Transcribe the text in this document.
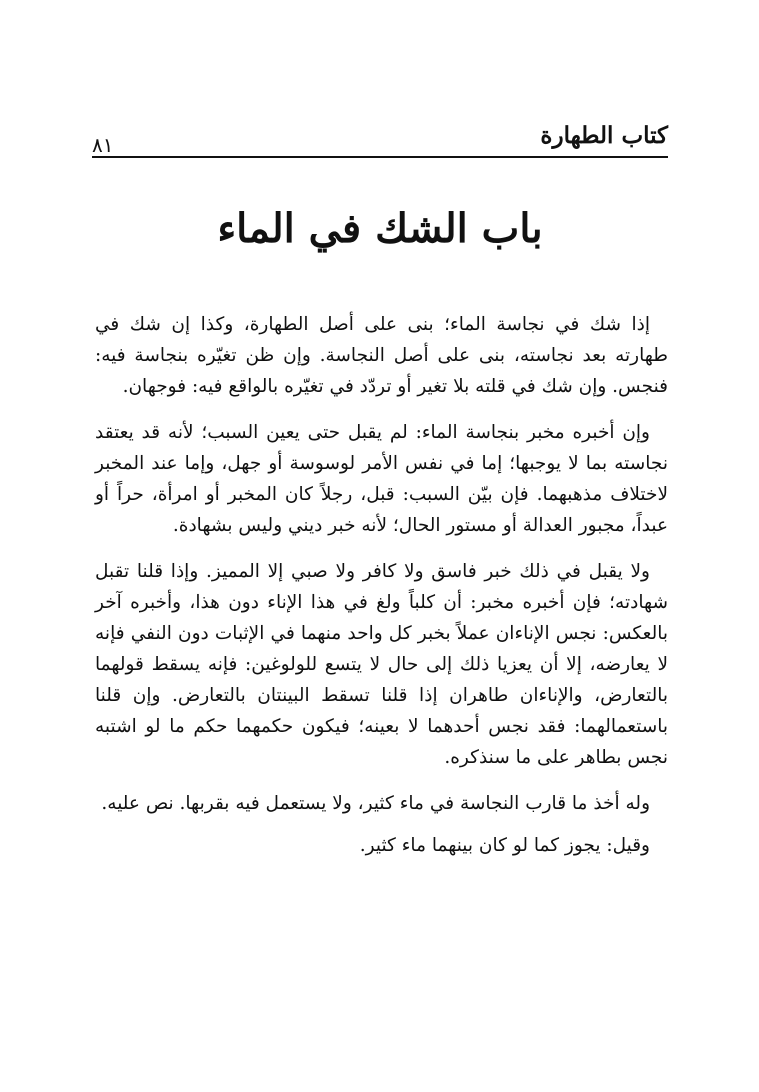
كتاب الطهارة
٨١
باب الشك في الماء

إذا شك في نجاسة الماء؛ بنى على أصل الطهارة، وكذا إن شك في طهارته بعد نجاسته، بنى على أصل النجاسة. وإن ظن تغيّره بنجاسة فيه: فنجس. وإن شك في قلته بلا تغير أو تردّد في تغيّره بالواقع فيه: فوجهان.

وإن أخبره مخبر بنجاسة الماء: لم يقبل حتى يعين السبب؛ لأنه قد يعتقد نجاسته بما لا يوجبها؛ إما في نفس الأمر لوسوسة أو جهل، وإما عند المخبر لاختلاف مذهبهما. فإن بيّن السبب: قبل، رجلاً كان المخبر أو امرأة، حراً أو عبداً، مجبور العدالة أو مستور الحال؛ لأنه خبر ديني وليس بشهادة.

ولا يقبل في ذلك خبر فاسق ولا كافر ولا صبي إلا المميز. وإذا قلنا تقبل شهادته؛ فإن أخبره مخبر: أن كلباً ولغ في هذا الإناء دون هذا، وأخبره آخر بالعكس: نجس الإناءان عملاً بخبر كل واحد منهما في الإثبات دون النفي فإنه لا يعارضه، إلا أن يعزيا ذلك إلى حال لا يتسع للولوغين: فإنه يسقط قولهما بالتعارض، والإناءان طاهران إذا قلنا تسقط البينتان بالتعارض. وإن قلنا باستعمالهما: فقد نجس أحدهما لا بعينه؛ فيكون حكمهما حكم ما لو اشتبه نجس بطاهر على ما سنذكره.

وله أخذ ما قارب النجاسة في ماء كثير، ولا يستعمل فيه بقربها. نص عليه.

وقيل: يجوز كما لو كان بينهما ماء كثير.
